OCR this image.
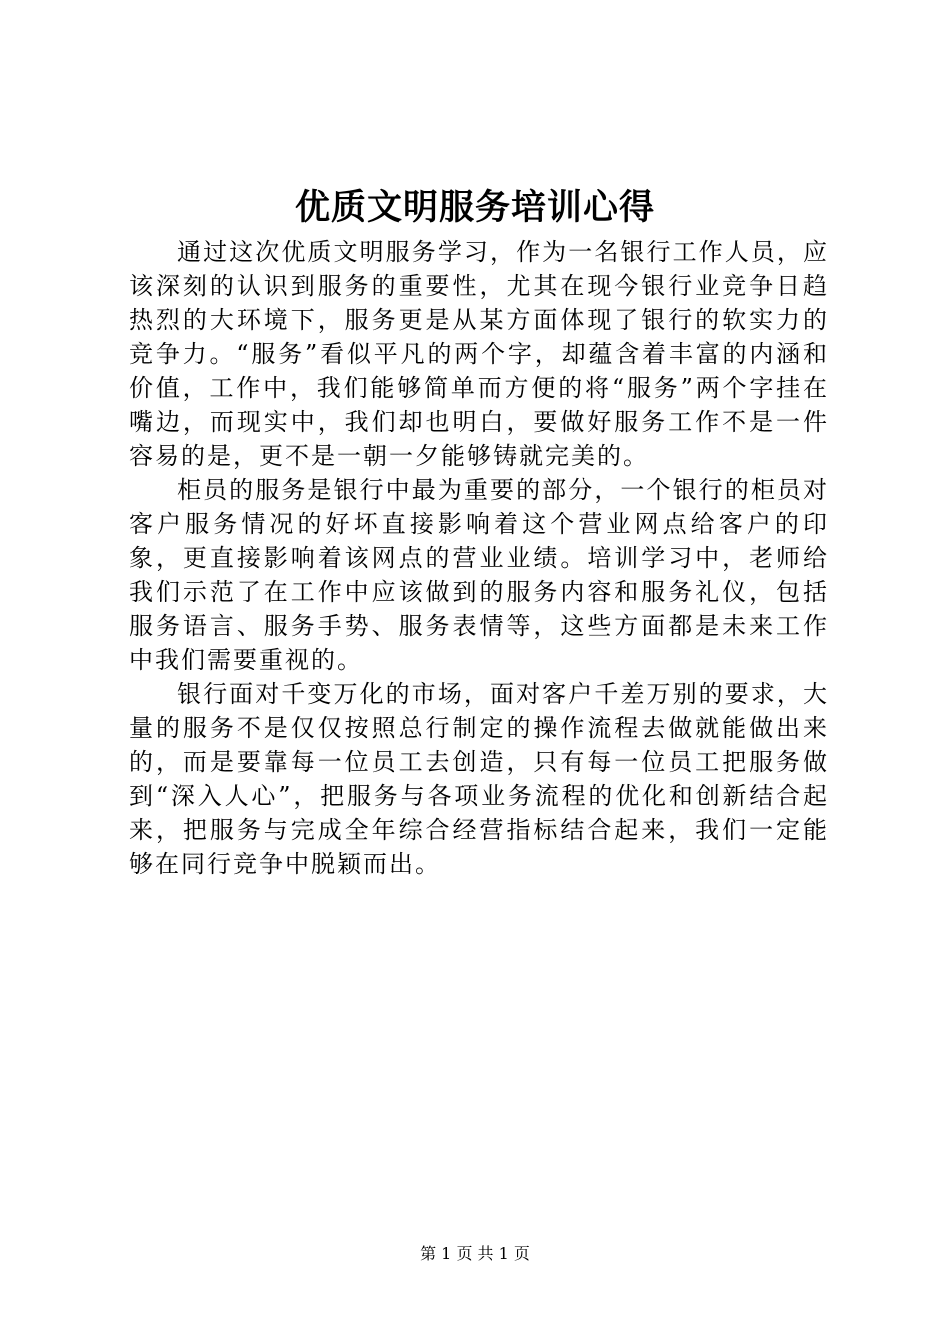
优质文明服务培训心得

通过这次优质文明服务学习，作为一名银行工作人员，应该深刻的认识到服务的重要性，尤其在现今银行业竞争日趋热烈的大环境下，服务更是从某方面体现了银行的软实力的竞争力。“服务”看似平凡的两个字，却蕴含着丰富的内涵和价值，工作中，我们能够简单而方便的将“服务”两个字挂在嘴边，而现实中，我们却也明白，要做好服务工作不是一件容易的是，更不是一朝一夕能够铸就完美的。

柜员的服务是银行中最为重要的部分，一个银行的柜员对客户服务情况的好坏直接影响着这个营业网点给客户的印象，更直接影响着该网点的营业业绩。培训学习中，老师给我们示范了在工作中应该做到的服务内容和服务礼仪，包括服务语言、服务手势、服务表情等，这些方面都是未来工作中我们需要重视的。

银行面对千变万化的市场，面对客户千差万别的要求，大量的服务不是仅仅按照总行制定的操作流程去做就能做出来的，而是要靠每一位员工去创造，只有每一位员工把服务做到“深入人心”，把服务与各项业务流程的优化和创新结合起来，把服务与完成全年综合经营指标结合起来，我们一定能够在同行竞争中脱颖而出。

第 1 页 共 1 页
